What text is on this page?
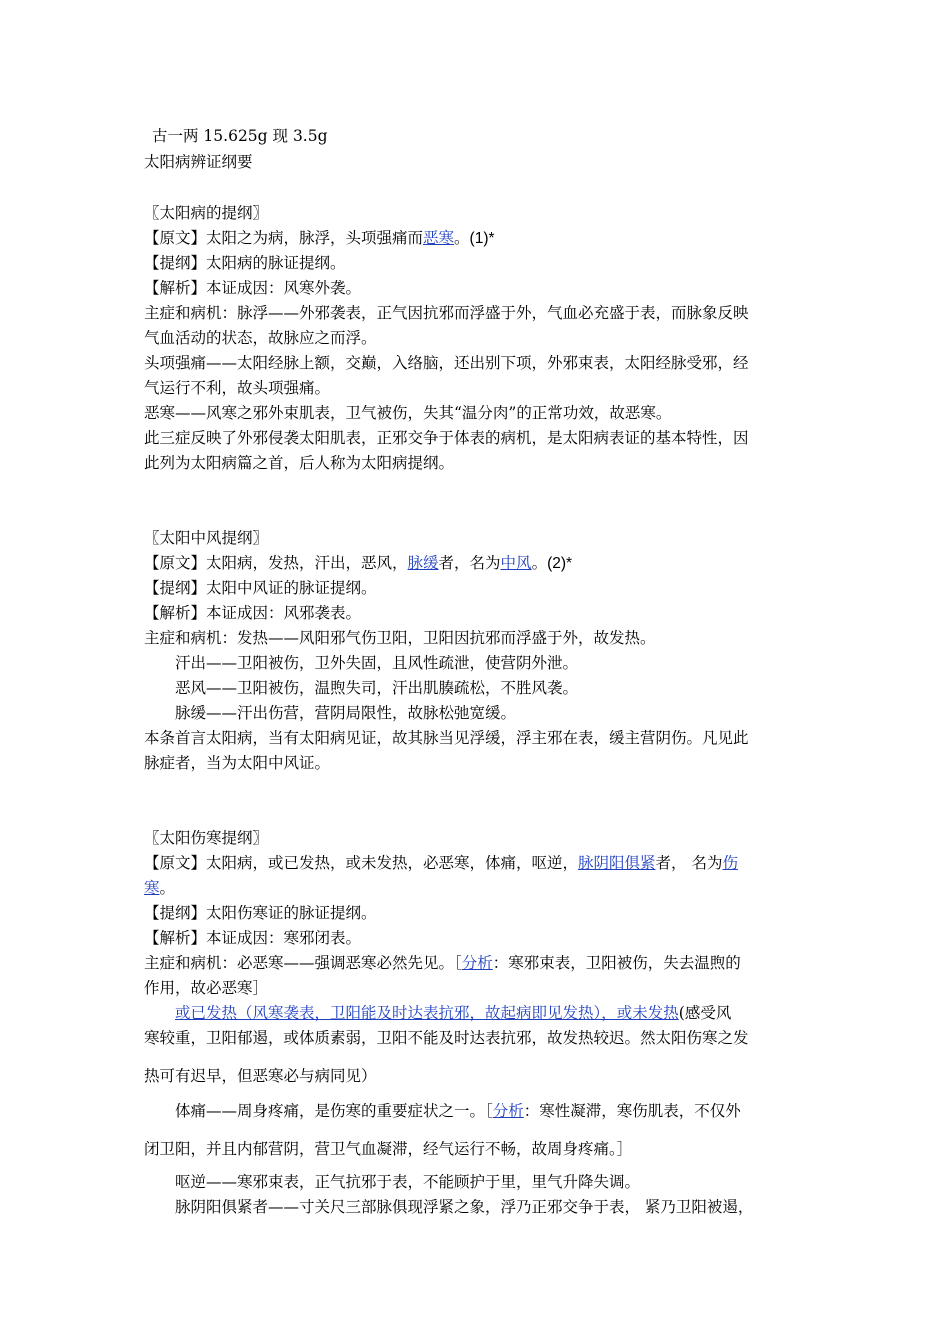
古一两 15.625g 现 3.5g
太阳病辨证纲要
〖太阳病的提纲〗
【原文】太阳之为病，脉浮，头项强痛而恶寒。(1)*
【提纲】太阳病的脉证提纲。
【解析】本证成因：风寒外袭。
主症和病机：脉浮——外邪袭表，正气因抗邪而浮盛于外，气血必充盛于表，而脉象反映
气血活动的状态，故脉应之而浮。
头项强痛——太阳经脉上额，交巅，入络脑，还出别下项，外邪束表，太阳经脉受邪，经
气运行不利，故头项强痛。
恶寒——风寒之邪外束肌表，卫气被伤，失其“温分肉”的正常功效，故恶寒。
此三症反映了外邪侵袭太阳肌表，正邪交争于体表的病机，是太阳病表证的基本特性，因
此列为太阳病篇之首，后人称为太阳病提纲。
〖太阳中风提纲〗
【原文】太阳病，发热，汗出，恶风，脉缓者，名为中风。(2)*
【提纲】太阳中风证的脉证提纲。
【解析】本证成因：风邪袭表。
主症和病机：发热——风阳邪气伤卫阳，卫阳因抗邪而浮盛于外，故发热。
汗出——卫阳被伤，卫外失固，且风性疏泄，使营阴外泄。
恶风——卫阳被伤，温煦失司，汗出肌腠疏松，不胜风袭。
脉缓——汗出伤营，营阴局限性，故脉松弛宽缓。
本条首言太阳病，当有太阳病见证，故其脉当见浮缓，浮主邪在表，缓主营阴伤。凡见此
脉症者，当为太阳中风证。
〖太阳伤寒提纲〗
【原文】太阳病，或已发热，或未发热，必恶寒，体痛，呕逆，脉阴阳俱紧者， 名为伤
寒。
【提纲】太阳伤寒证的脉证提纲。
【解析】本证成因：寒邪闭表。
主症和病机：必恶寒——强调恶寒必然先见。［分析：寒邪束表，卫阳被伤，失去温煦的
作用，故必恶寒］
或已发热（风寒袭表，卫阳能及时达表抗邪，故起病即见发热），或未发热(感受风
寒较重，卫阳郁遏，或体质素弱，卫阳不能及时达表抗邪，故发热较迟。然太阳伤寒之发
热可有迟早，但恶寒必与病同见）
体痛——周身疼痛，是伤寒的重要症状之一。［分析：寒性凝滞，寒伤肌表，不仅外
闭卫阳，并且内郁营阴，营卫气血凝滞，经气运行不畅，故周身疼痛。］
呕逆——寒邪束表，正气抗邪于表，不能顾护于里，里气升降失调。
脉阴阳俱紧者——寸关尺三部脉俱现浮紧之象，浮乃正邪交争于表， 紧乃卫阳被遏，
